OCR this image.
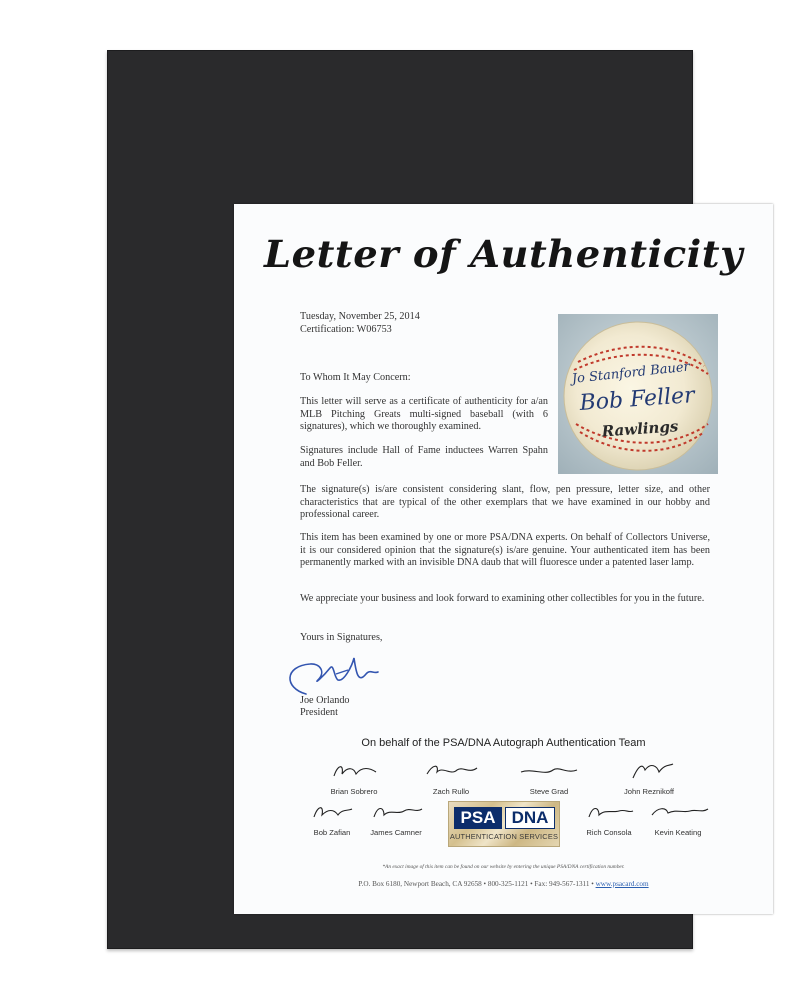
Letter of Authenticity
Tuesday, November 25, 2014
Certification: W06753
Jo Stanford Bauer
Bob Feller
Rawlings
To Whom It May Concern:
This letter will serve as a certificate of authenticity for a/an MLB Pitching Greats multi-signed baseball (with 6 signatures), which we thoroughly examined.
Signatures include Hall of Fame inductees Warren Spahn and Bob Feller.
The signature(s) is/are consistent considering slant, flow, pen pressure, letter size, and other characteristics that are typical of the other exemplars that we have examined in our hobby and professional career.
This item has been examined by one or more PSA/DNA experts. On behalf of Collectors Universe, it is our considered opinion that the signature(s) is/are genuine. Your authenticated item has been permanently marked with an invisible DNA daub that will fluoresce under a patented laser lamp.
We appreciate your business and look forward to examining other collectibles for you in the future.
Yours in Signatures,
Joe Orlando
President
On behalf of the PSA/DNA Autograph Authentication Team
Brian Sobrero	Zach Rullo	Steve Grad	John Reznikoff
Bob Zafian	James Camner
PSA DNA
AUTHENTICATION SERVICES	Rich Consola	Kevin Keating
*An exact image of this item can be found on our website by entering the unique PSA/DNA certification number.
P.O. Box 6180, Newport Beach, CA 92658 • 800-325-1121 • Fax: 949-567-1311 • www.psacard.com
